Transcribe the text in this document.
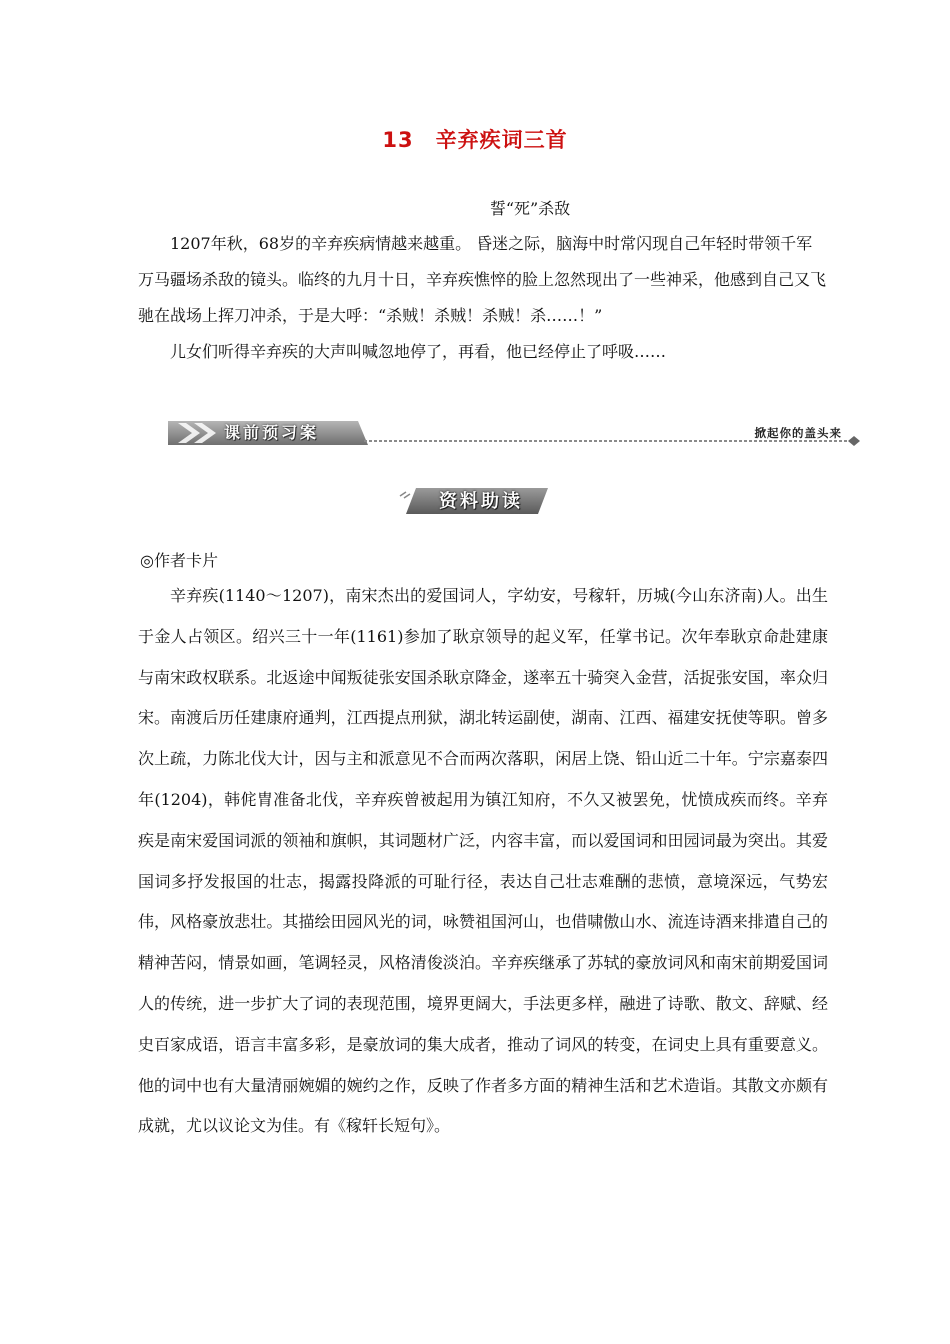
13 辛弃疾词三首
誓“死”杀敌

1207年秋，68岁的辛弃疾病情越来越重。 昏迷之际，脑海中时常闪现自己年轻时带领千军万马疆场杀敌的镜头。临终的九月十日，辛弃疾憔悴的脸上忽然现出了一些神采，他感到自己又飞驰在战场上挥刀冲杀，于是大呼：“杀贼！杀贼！杀贼！杀……！”

儿女们听得辛弃疾的大声叫喊忽地停了，再看，他已经停止了呼吸……

课前预习案	掀起你的盖头来
资料助读
◎作者卡片

辛弃疾(1140～1207)，南宋杰出的爱国词人，字幼安，号稼轩，历城(今山东济南)人。出生于金人占领区。绍兴三十一年(1161)参加了耿京领导的起义军，任掌书记。次年奉耿京命赴建康与南宋政权联系。北返途中闻叛徒张安国杀耿京降金，遂率五十骑突入金营，活捉张安国，率众归宋。南渡后历任建康府通判，江西提点刑狱，湖北转运副使，湖南、江西、福建安抚使等职。曾多次上疏，力陈北伐大计，因与主和派意见不合而两次落职，闲居上饶、铅山近二十年。宁宗嘉泰四年(1204)，韩侂胄准备北伐，辛弃疾曾被起用为镇江知府，不久又被罢免，忧愤成疾而终。辛弃疾是南宋爱国词派的领袖和旗帜，其词题材广泛，内容丰富，而以爱国词和田园词最为突出。其爱国词多抒发报国的壮志，揭露投降派的可耻行径，表达自己壮志难酬的悲愤，意境深远，气势宏伟，风格豪放悲壮。其描绘田园风光的词，咏赞祖国河山，也借啸傲山水、流连诗酒来排遣自己的精神苦闷，情景如画，笔调轻灵，风格清俊淡泊。辛弃疾继承了苏轼的豪放词风和南宋前期爱国词人的传统，进一步扩大了词的表现范围，境界更阔大，手法更多样，融进了诗歌、散文、辞赋、经史百家成语，语言丰富多彩，是豪放词的集大成者，推动了词风的转变，在词史上具有重要意义。他的词中也有大量清丽婉媚的婉约之作，反映了作者多方面的精神生活和艺术造诣。其散文亦颇有成就，尤以议论文为佳。有《稼轩长短句》。
